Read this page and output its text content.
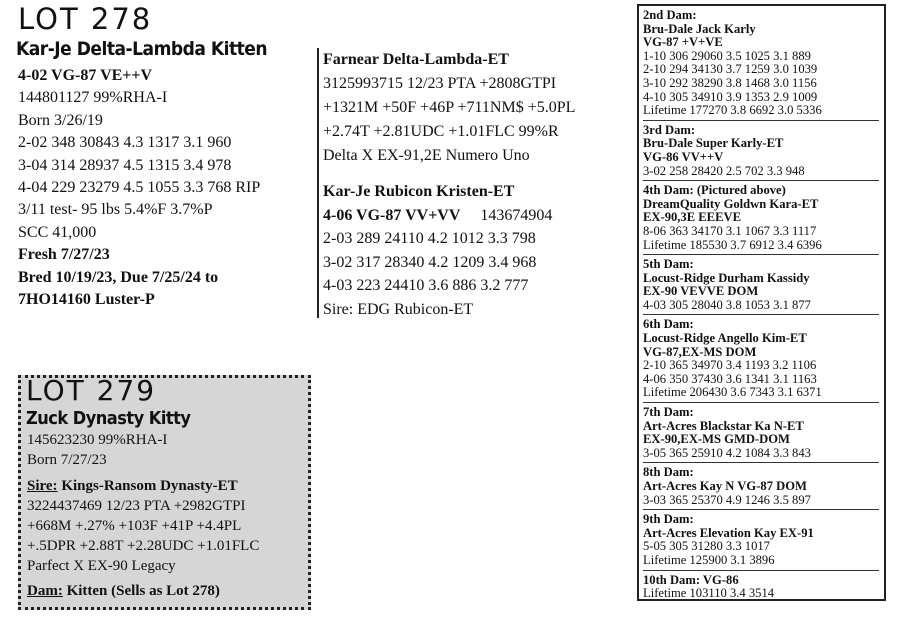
LOT 278
Kar-Je Delta-Lambda Kitten
4-02 VG-87 VE++V
144801127 99%RHA-I
Born 3/26/19
2-02 348 30843 4.3 1317 3.1 960
3-04 314 28937 4.5 1315 3.4 978
4-04 229 23279 4.5 1055 3.3 768 RIP
3/11 test- 95 lbs 5.4%F 3.7%P
SCC 41,000
Fresh 7/27/23
Bred 10/19/23, Due 7/25/24 to
7HO14160 Luster-P
Farnear Delta-Lambda-ET
3125993715 12/23 PTA +2808GTPI
+1321M +50F +46P +711NM$ +5.0PL
+2.74T +2.81UDC +1.01FLC 99%R
Delta X EX-91,2E Numero Uno
Kar-Je Rubicon Kristen-ET
4-06 VG-87 VV+VV 143674904
2-03 289 24110 4.2 1012 3.3 798
3-02 317 28340 4.2 1209 3.4 968
4-03 223 24410 3.6 886 3.2 777
Sire: EDG Rubicon-ET
LOT 279
Zuck Dynasty Kitty
145623230 99%RHA-I
Born 7/27/23
Sire: Kings-Ransom Dynasty-ET
3224437469 12/23 PTA +2982GTPI
+668M +.27% +103F +41P +4.4PL
+.5DPR +2.88T +2.28UDC +1.01FLC
Parfect X EX-90 Legacy
Dam: Kitten (Sells as Lot 278)
2nd Dam:
Bru-Dale Jack Karly
VG-87 +V+VE
1-10 306 29060 3.5 1025 3.1 889
2-10 294 34130 3.7 1259 3.0 1039
3-10 292 38290 3.8 1468 3.0 1156
4-10 305 34910 3.9 1353 2.9 1009
Lifetime 177270 3.8 6692 3.0 5336
3rd Dam:
Bru-Dale Super Karly-ET
VG-86 VV++V
3-02 258 28420 2.5 702 3.3 948
4th Dam: (Pictured above)
DreamQuality Goldwn Kara-ET
EX-90,3E EEEVE
8-06 363 34170 3.1 1067 3.3 1117
Lifetime 185530 3.7 6912 3.4 6396
5th Dam:
Locust-Ridge Durham Kassidy
EX-90 VEVVE DOM
4-03 305 28040 3.8 1053 3.1 877
6th Dam:
Locust-Ridge Angello Kim-ET
VG-87,EX-MS DOM
2-10 365 34970 3.4 1193 3.2 1106
4-06 350 37430 3.6 1341 3.1 1163
Lifetime 206430 3.6 7343 3.1 6371
7th Dam:
Art-Acres Blackstar Ka N-ET
EX-90,EX-MS GMD-DOM
3-05 365 25910 4.2 1084 3.3 843
8th Dam:
Art-Acres Kay N VG-87 DOM
3-03 365 25370 4.9 1246 3.5 897
9th Dam:
Art-Acres Elevation Kay EX-91
5-05 305 31280 3.3 1017
Lifetime 125900 3.1 3896
10th Dam: VG-86
Lifetime 103110 3.4 3514
